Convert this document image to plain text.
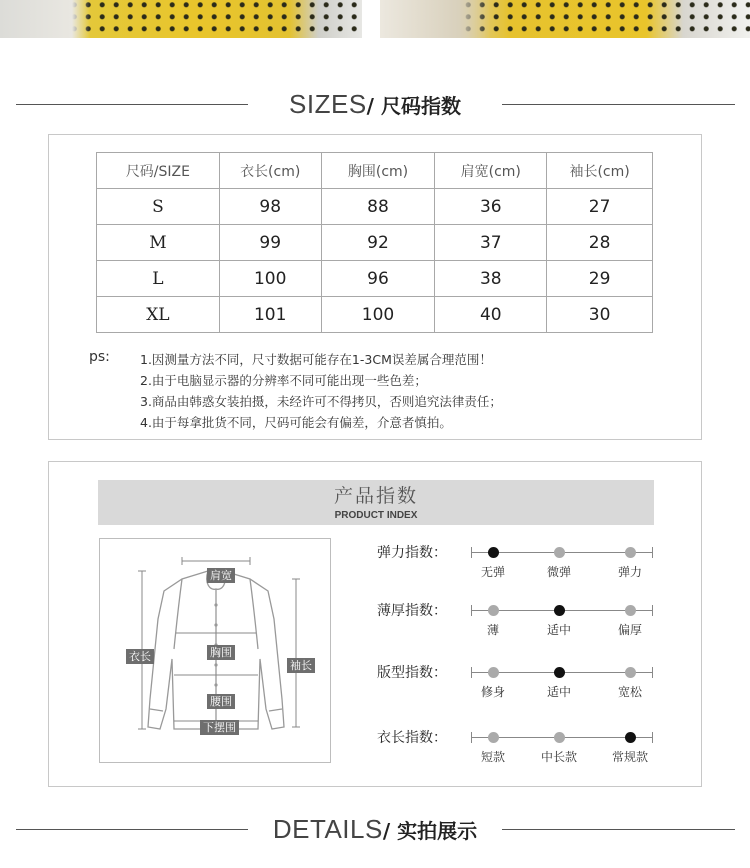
SIZES/ 尺码指数
尺码/SIZE	衣长(cm)	胸围(cm)	肩宽(cm)	袖长(cm)
S	98	88	36	27
M	99	92	37	28
L	100	96	38	29
XL	101	100	40	30
ps: 1.因测量方法不同，尺寸数据可能存在1-3CM误差属合理范围！
2.由于电脑显示器的分辨率不同可能出现一些色差；
3.商品由韩惑女装拍摄，未经许可不得拷贝，否则追究法律责任；
4.由于每拿批货不同，尺码可能会有偏差，介意者慎拍。
产品指数
PRODUCT INDEX
肩宽
衣长	胸围
袖长
腰围
下摆围
弹力指数：
无弹	微弹	弹力
薄厚指数：
薄	适中	偏厚
版型指数：
修身	适中	宽松
衣长指数：
短款	中长款	常规款
DETAILS/ 实拍展示
